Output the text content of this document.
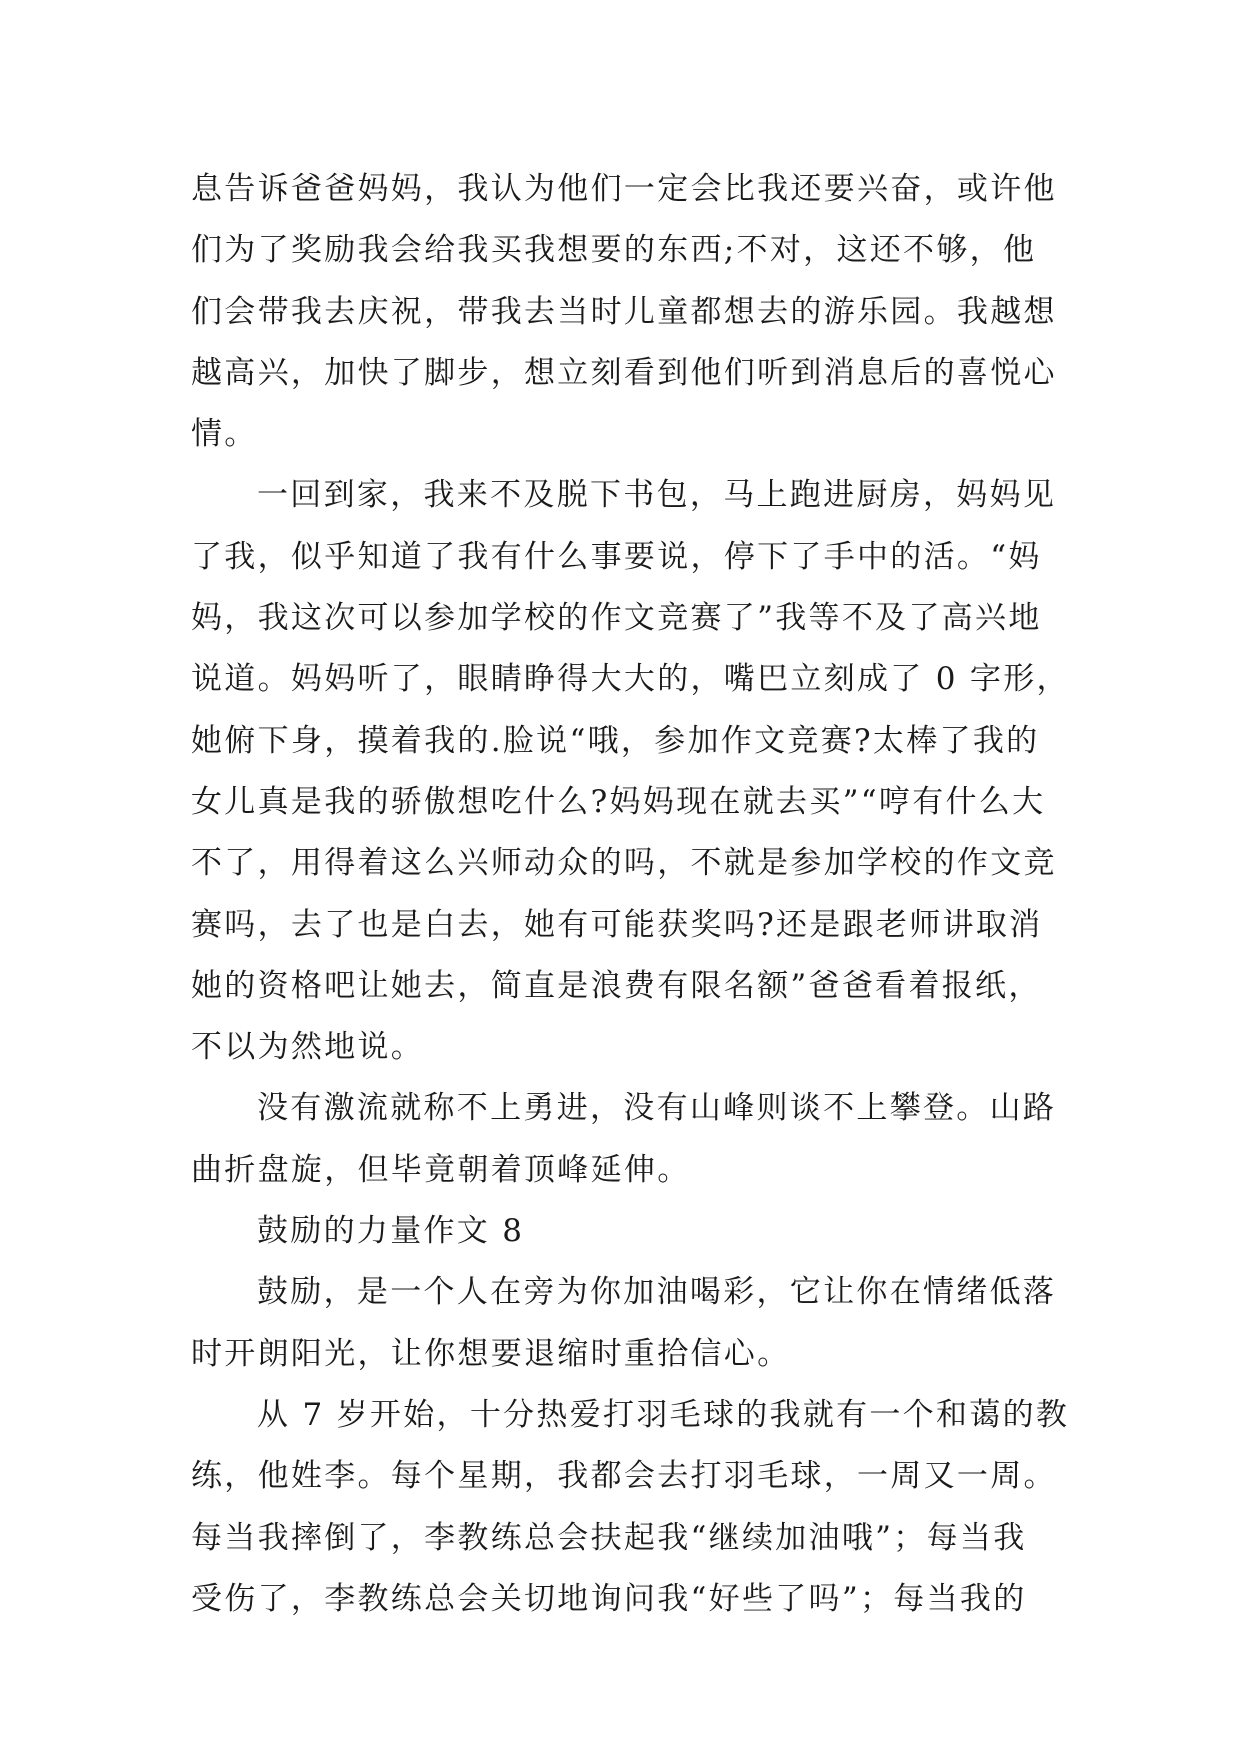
息告诉爸爸妈妈，我认为他们一定会比我还要兴奋，或许他
们为了奖励我会给我买我想要的东西;不对，这还不够，他
们会带我去庆祝，带我去当时儿童都想去的游乐园。我越想
越高兴，加快了脚步，想立刻看到他们听到消息后的喜悦心
情。
一回到家，我来不及脱下书包，马上跑进厨房，妈妈见
了我，似乎知道了我有什么事要说，停下了手中的活。“妈
妈，我这次可以参加学校的作文竞赛了”我等不及了高兴地
说道。妈妈听了，眼睛睁得大大的，嘴巴立刻成了 0 字形，
她俯下身，摸着我的.脸说“哦，参加作文竞赛?太棒了我的
女儿真是我的骄傲想吃什么?妈妈现在就去买”“哼有什么大
不了，用得着这么兴师动众的吗，不就是参加学校的作文竞
赛吗，去了也是白去，她有可能获奖吗?还是跟老师讲取消
她的资格吧让她去，简直是浪费有限名额”爸爸看着报纸，
不以为然地说。
没有激流就称不上勇进，没有山峰则谈不上攀登。山路
曲折盘旋，但毕竟朝着顶峰延伸。
鼓励的力量作文 8
鼓励，是一个人在旁为你加油喝彩，它让你在情绪低落
时开朗阳光，让你想要退缩时重拾信心。
从 7 岁开始，十分热爱打羽毛球的我就有一个和蔼的教
练，他姓李。每个星期，我都会去打羽毛球，一周又一周。
每当我摔倒了，李教练总会扶起我“继续加油哦”；每当我
受伤了，李教练总会关切地询问我“好些了吗”；每当我的
